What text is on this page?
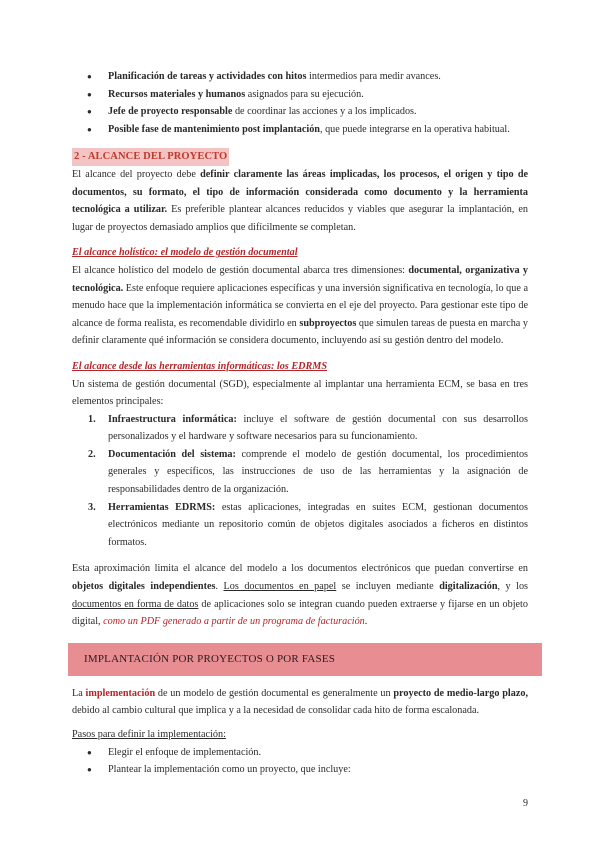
● Planificación de tareas y actividades con hitos intermedios para medir avances.
● Recursos materiales y humanos asignados para su ejecución.
● Jefe de proyecto responsable de coordinar las acciones y a los implicados.
● Posible fase de mantenimiento post implantación, que puede integrarse en la operativa habitual.
2 - ALCANCE DEL PROYECTO

El alcance del proyecto debe definir claramente las áreas implicadas, los procesos, el origen y tipo de documentos, su formato, el tipo de información considerada como documento y la herramienta tecnológica a utilizar. Es preferible plantear alcances reducidos y viables que asegurar la implantación, en lugar de proyectos demasiado amplios que difícilmente se completan.

El alcance holístico: el modelo de gestión documental

El alcance holístico del modelo de gestión documental abarca tres dimensiones: documental, organizativa y tecnológica. Este enfoque requiere aplicaciones específicas y una inversión significativa en tecnología, lo que a menudo hace que la implementación informática se convierta en el eje del proyecto. Para gestionar este tipo de alcance de forma realista, es recomendable dividirlo en subproyectos que simulen tareas de puesta en marcha y definir claramente qué información se considera documento, incluyendo así su gestión dentro del modelo.

El alcance desde las herramientas informáticas: los EDRMS

Un sistema de gestión documental (SGD), especialmente al implantar una herramienta ECM, se basa en tres elementos principales:

1. Infraestructura informática: incluye el software de gestión documental con sus desarrollos personalizados y el hardware y software necesarios para su funcionamiento.
2. Documentación del sistema: comprende el modelo de gestión documental, los procedimientos generales y específicos, las instrucciones de uso de las herramientas y la asignación de responsabilidades dentro de la organización.
3. Herramientas EDRMS: estas aplicaciones, integradas en suites ECM, gestionan documentos electrónicos mediante un repositorio común de objetos digitales asociados a ficheros en distintos formatos.

Esta aproximación limita el alcance del modelo a los documentos electrónicos que puedan convertirse en objetos digitales independientes. Los documentos en papel se incluyen mediante digitalización, y los documentos en forma de datos de aplicaciones solo se integran cuando pueden extraerse y fijarse en un objeto digital, como un PDF generado a partir de un programa de facturación.

IMPLANTACIÓN POR PROYECTOS O POR FASES

La implementación de un modelo de gestión documental es generalmente un proyecto de medio-largo plazo, debido al cambio cultural que implica y a la necesidad de consolidar cada hito de forma escalonada.

Pasos para definir la implementación:

● Elegir el enfoque de implementación.
● Plantear la implementación como un proyecto, que incluye:
9
